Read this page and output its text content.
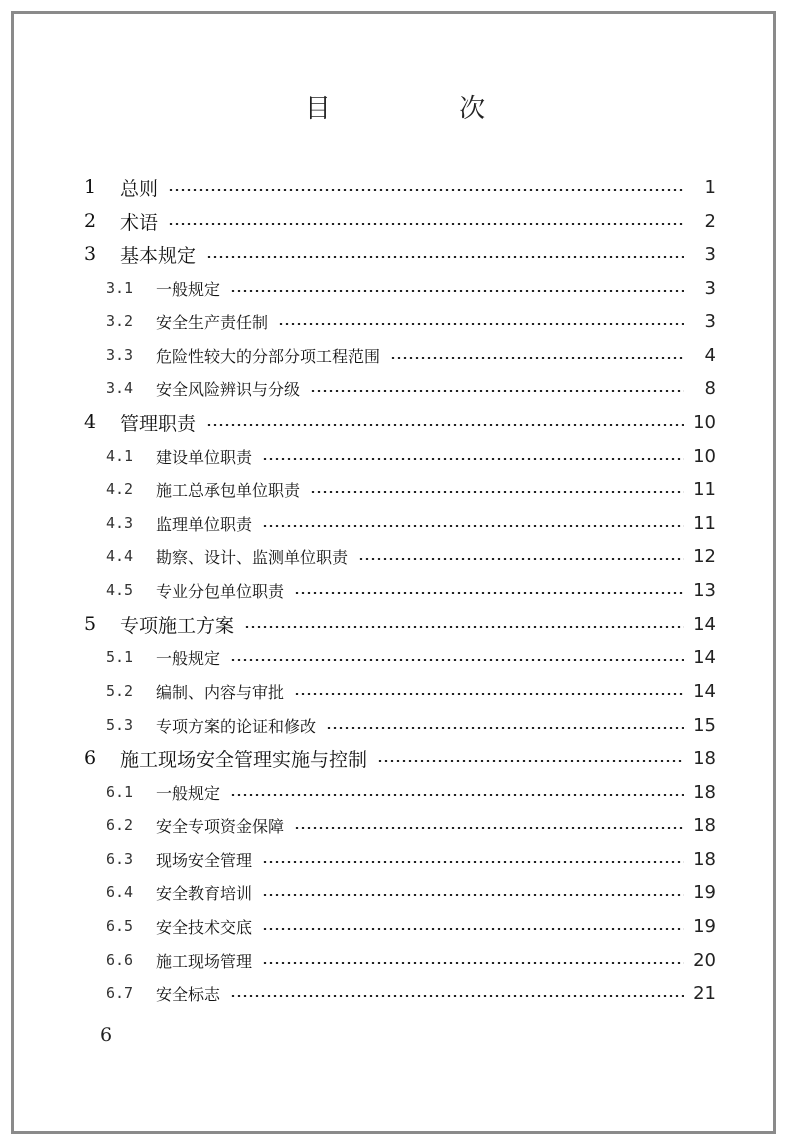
目 次
1	总则	1
2	术语	2
3	基本规定	3
3.1	一般规定	3
3.2	安全生产责任制	3
3.3	危险性较大的分部分项工程范围	4
3.4	安全风险辨识与分级	8
4	管理职责	10
4.1	建设单位职责	10
4.2	施工总承包单位职责	11
4.3	监理单位职责	11
4.4	勘察、设计、监测单位职责	12
4.5	专业分包单位职责	13
5	专项施工方案	14
5.1	一般规定	14
5.2	编制、内容与审批	14
5.3	专项方案的论证和修改	15
6	施工现场安全管理实施与控制	18
6.1	一般规定	18
6.2	安全专项资金保障	18
6.3	现场安全管理	18
6.4	安全教育培训	19
6.5	安全技术交底	19
6.6	施工现场管理	20
6.7	安全标志	21
6
